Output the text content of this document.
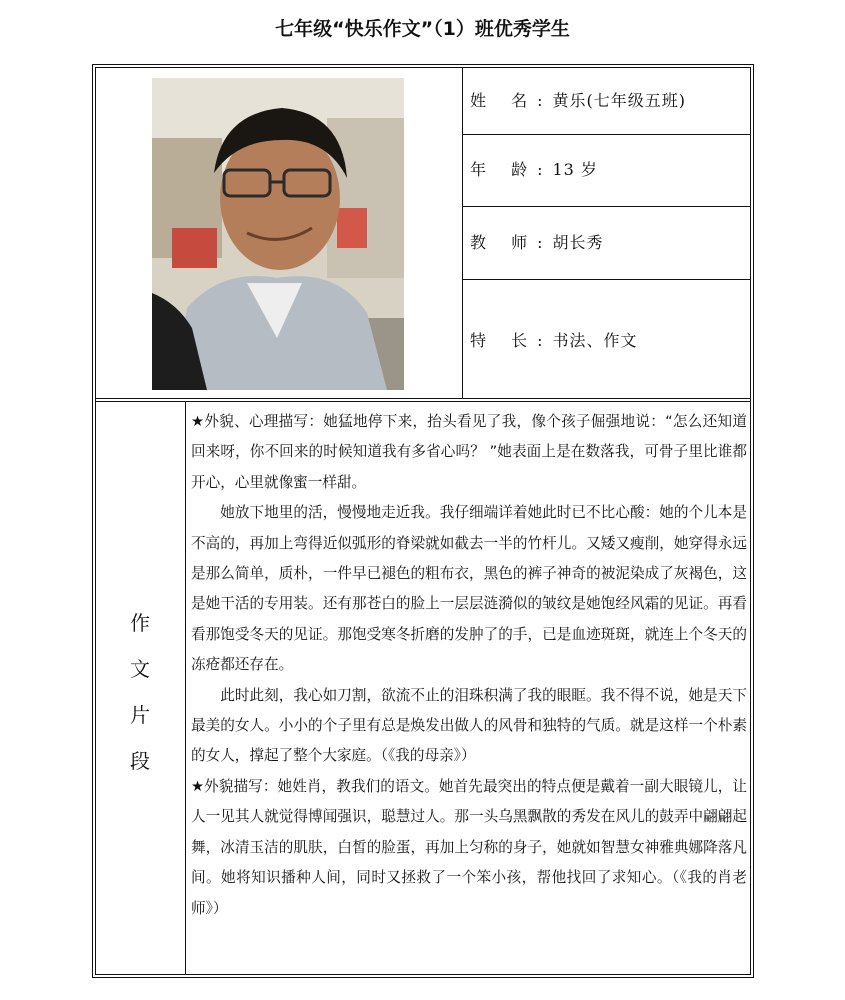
七年级“快乐作文”（1）班优秀学生
姓 名:黄乐(七年级五班)
年 龄:13 岁
教 师:胡长秀
特 长:书法、作文
作
文
片
段

★外貌、心理描写：她猛地停下来，抬头看见了我，像个孩子倔强地说：“怎么还知道回来呀，你不回来的时候知道我有多省心吗？ ”她表面上是在数落我，可骨子里比谁都开心，心里就像蜜一样甜。

她放下地里的活，慢慢地走近我。我仔细端详着她此时已不比心酸：她的个儿本是不高的，再加上弯得近似弧形的脊梁就如截去一半的竹杆儿。又矮又瘦削，她穿得永远是那么简单，质朴，一件早已褪色的粗布衣，黑色的裤子神奇的被泥染成了灰褐色，这是她干活的专用装。还有那苍白的脸上一层层涟漪似的皱纹是她饱经风霜的见证。再看看那饱受冬天的见证。那饱受寒冬折磨的发肿了的手，已是血迹斑斑，就连上个冬天的冻疮都还存在。

此时此刻，我心如刀割，欲流不止的泪珠积满了我的眼眶。我不得不说，她是天下最美的女人。小小的个子里有总是焕发出做人的风骨和独特的气质。就是这样一个朴素的女人，撑起了整个大家庭。（《我的母亲》）

★外貌描写：她姓肖，教我们的语文。她首先最突出的特点便是戴着一副大眼镜儿，让人一见其人就觉得博闻强识，聪慧过人。那一头乌黑飘散的秀发在风儿的鼓弄中翩翩起舞，冰清玉洁的肌肤，白皙的脸蛋，再加上匀称的身子，她就如智慧女神雅典娜降落凡间。她将知识播种人间，同时又拯救了一个笨小孩，帮他找回了求知心。（《我的肖老师》）
